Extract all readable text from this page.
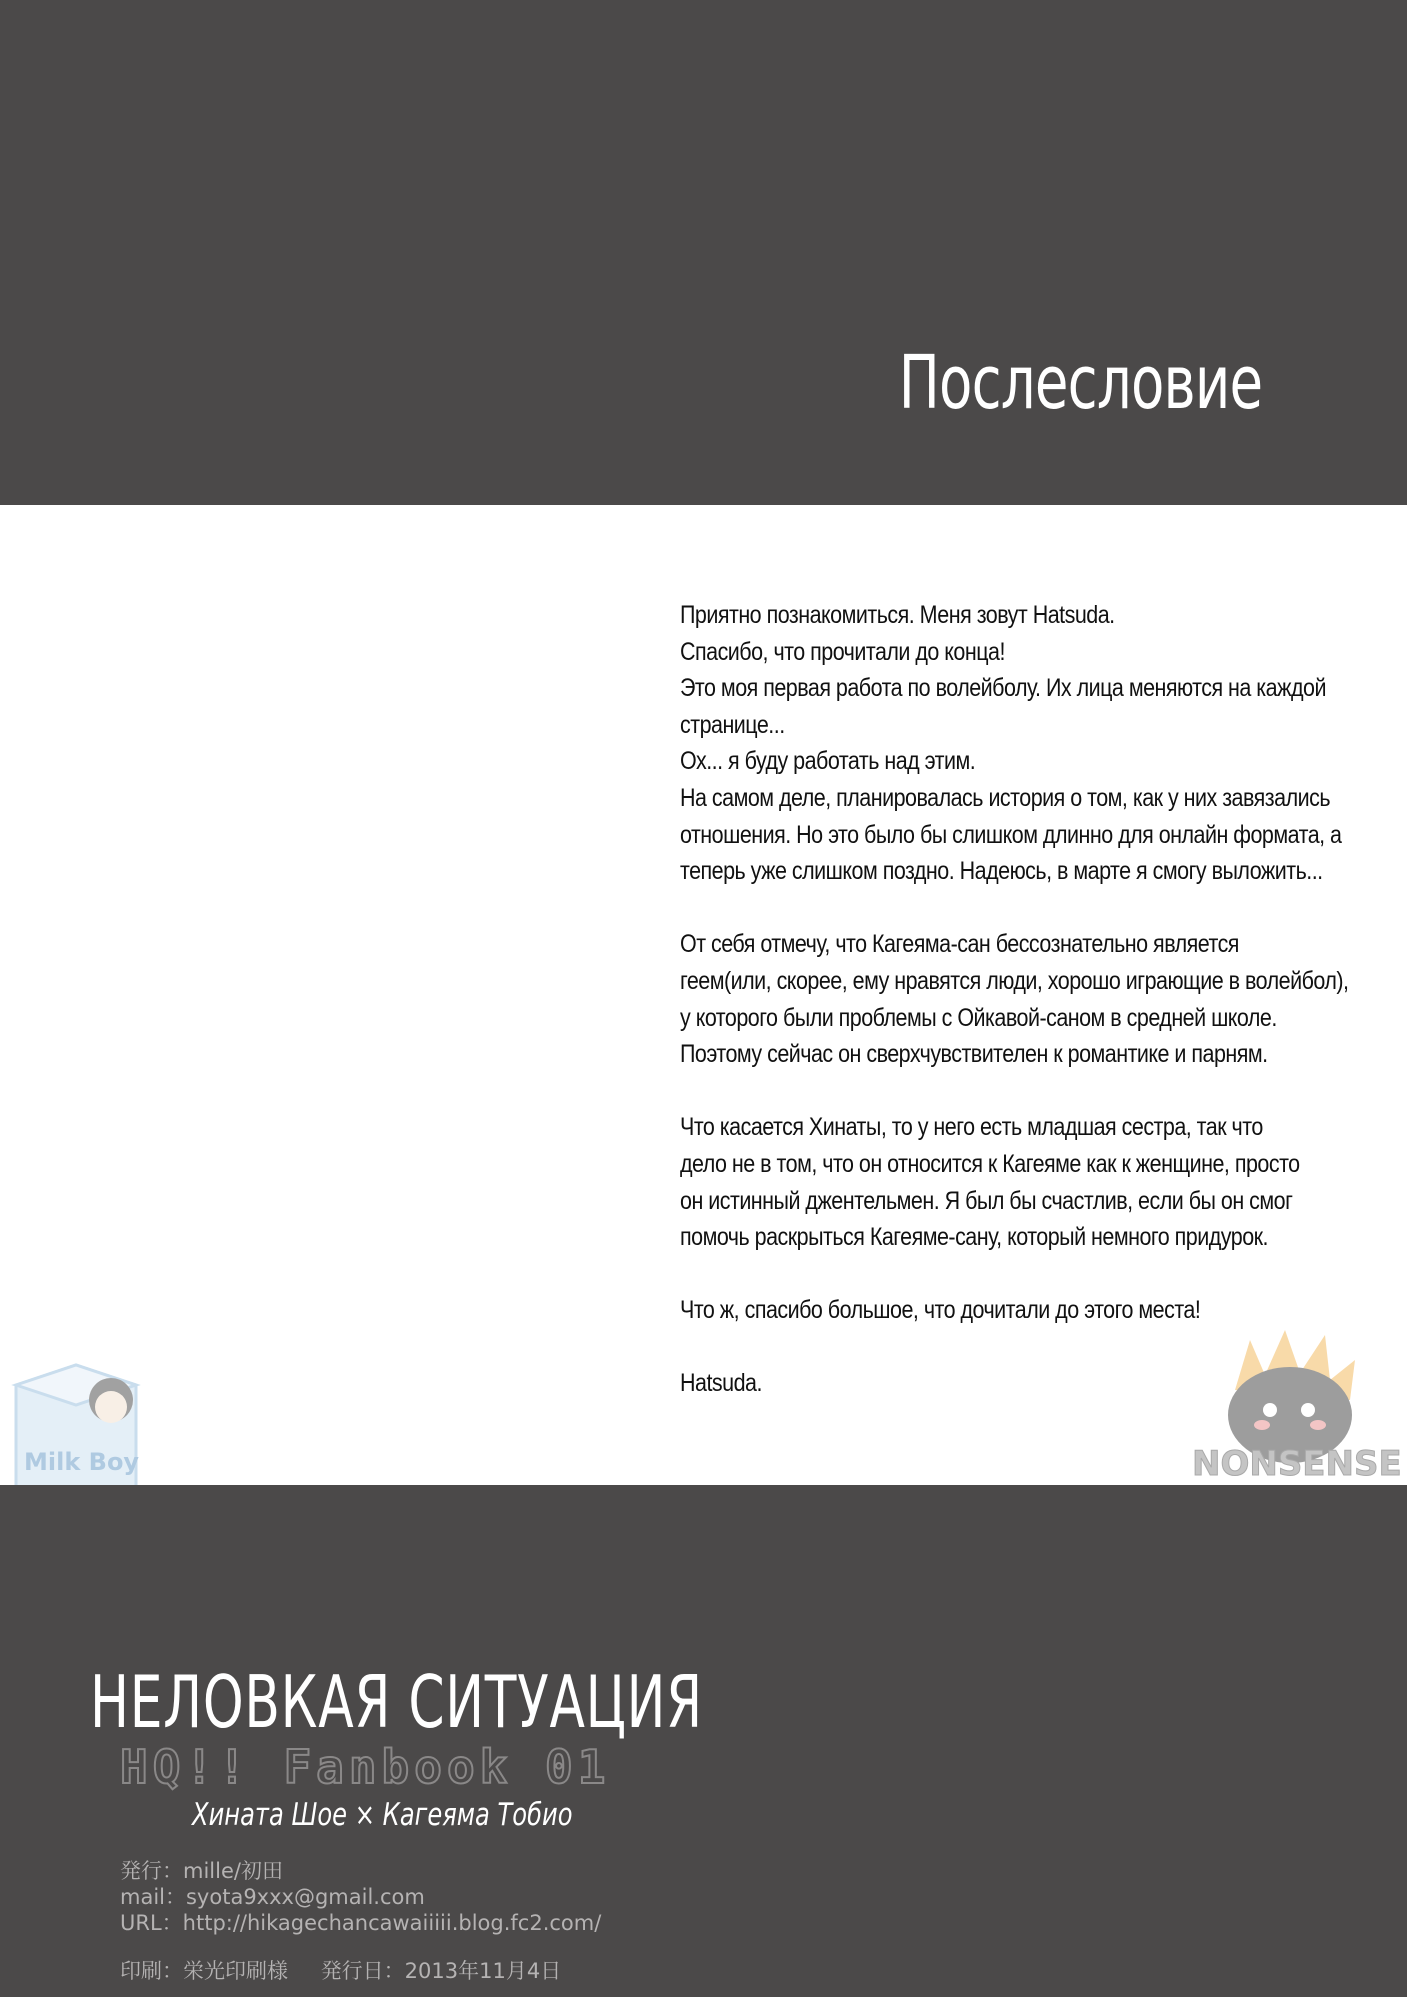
Послесловие

Приятно познакомиться. Меня зовут Hatsuda.
Спасибо, что прочитали до конца!
Это моя первая работа по волейболу. Их лица меняются на каждой
странице...
Ох... я буду работать над этим.
На самом деле, планировалась история о том, как у них завязались
отношения. Но это было бы слишком длинно для онлайн формата, а
теперь уже слишком поздно. Надеюсь, в марте я смогу выложить...

От себя отмечу, что Кагеяма-сан бессознательно является
геем(или, скорее, ему нравятся люди, хорошо играющие в волейбол),
у которого были проблемы с Ойкавой-саном в средней школе.
Поэтому сейчас он сверхчувствителен к романтике и парням.

Что касается Хинаты, то у него есть младшая сестра, так что
дело не в том, что он относится к Кагеяме как к женщине, просто
он истинный джентельмен. Я был бы счастлив, если бы он смог
помочь раскрыться Кагеяме-сану, который немного придурок.

Что ж, спасибо большое, что дочитали до этого места!

Hatsuda.

Milk Boy	NONSENSE
НЕЛОВКАЯ СИТУАЦИЯ
HQ!! Fanbook 01
Хината Шое × Кагеяма Тобио
発行：mille/初田
mail：syota9xxx@gmail.com
URL：http://hikagechancawaiiiii.blog.fc2.com/
印刷：栄光印刷様 発行日：2013年11月4日
